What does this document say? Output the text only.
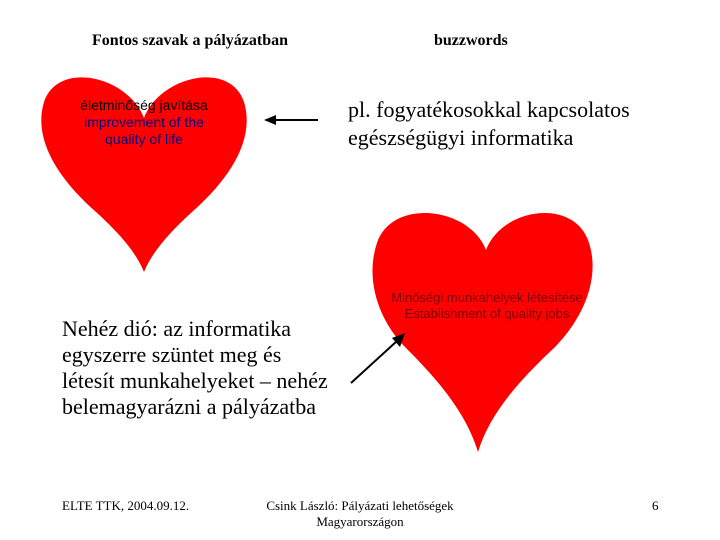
Fontos szavak a pályázatban	buzzwords
életminőség javítása
improvement of the
quality of life
pl. fogyatékosokkal kapcsolatos
egészségügyi informatika
Minőségi munkahelyek létesítése
Establishment of quality jobs
Nehéz dió: az informatika
egyszerre szüntet meg és
létesít munkahelyeket – nehéz
belemagyarázni a pályázatba
ELTE TTK, 2004.09.12.	Csink László: Pályázati lehetőségek
Magyarországon
6
